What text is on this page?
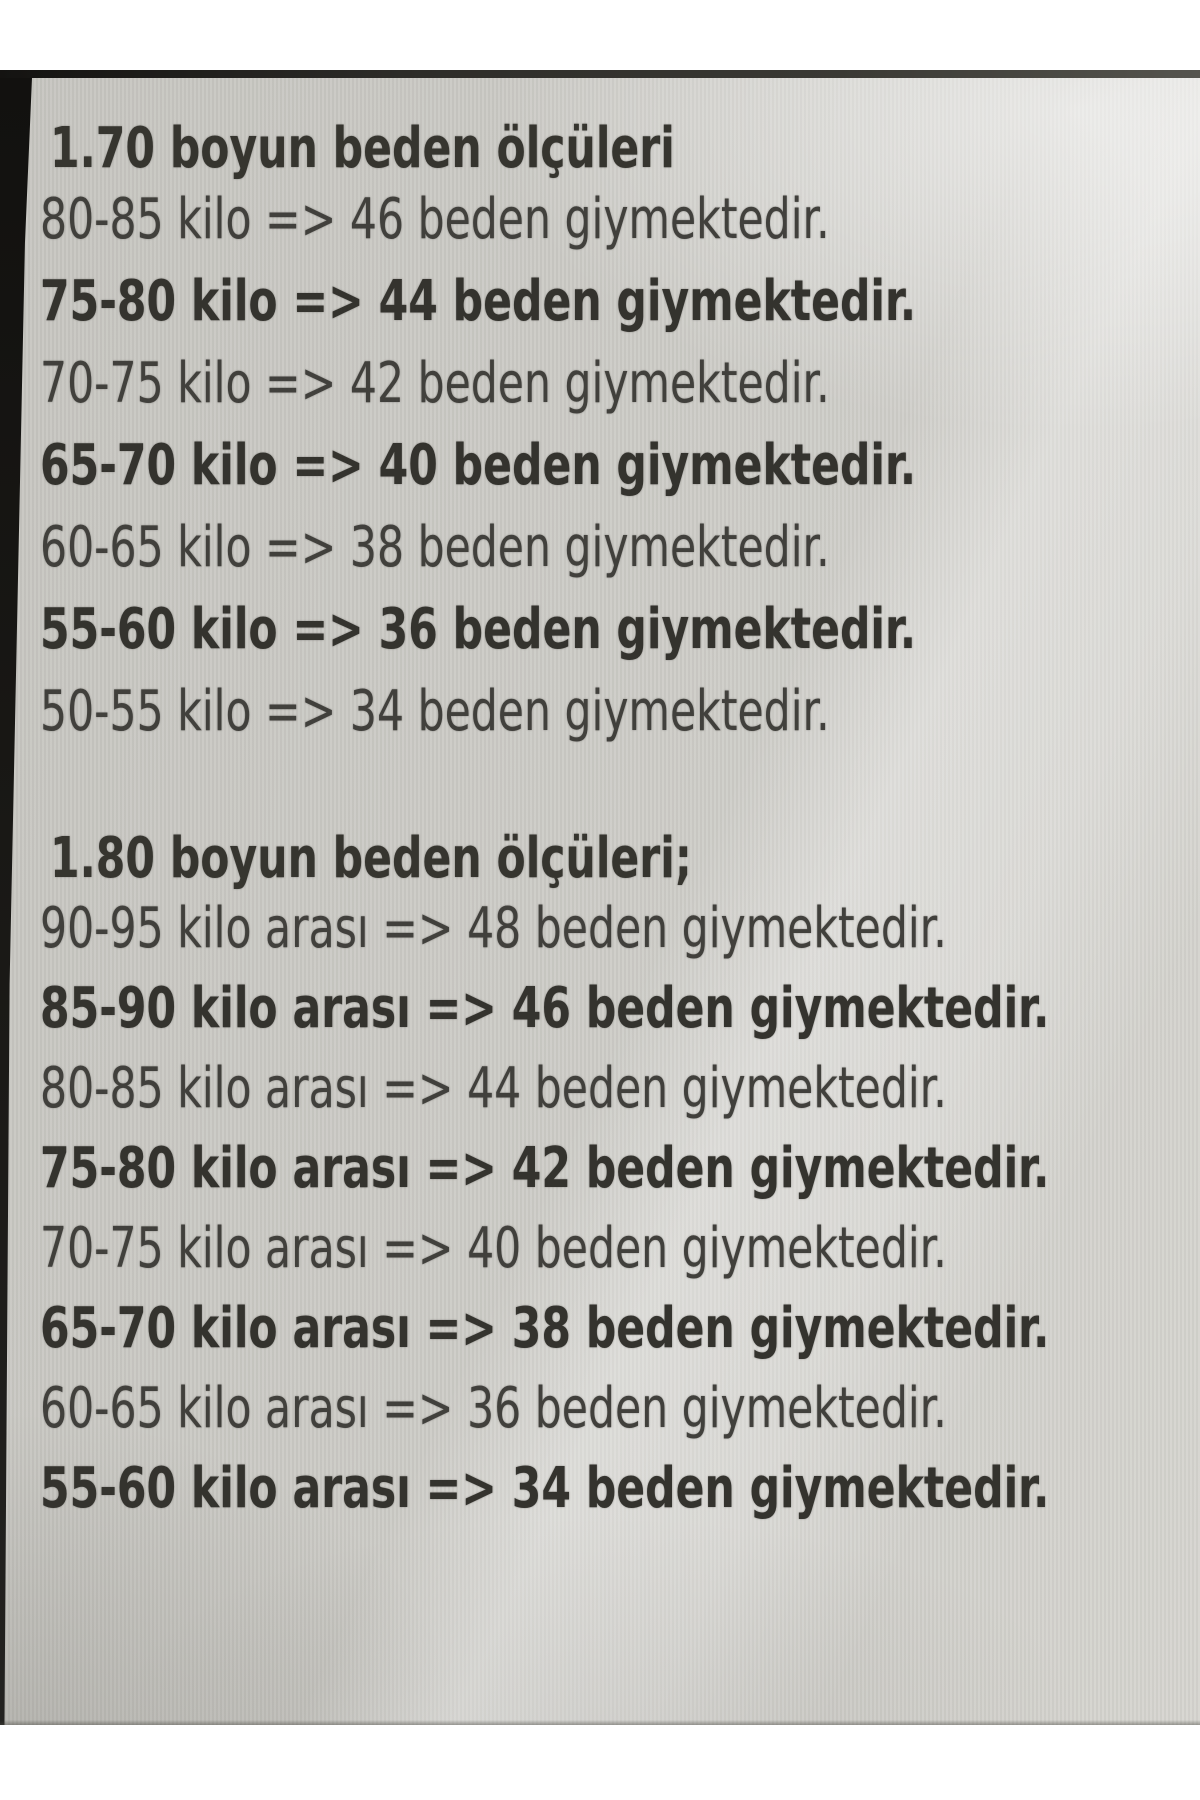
1.70 boyun beden ölçüleri
80-85 kilo => 46 beden giymektedir.
75-80 kilo => 44 beden giymektedir.
70-75 kilo => 42 beden giymektedir.
65-70 kilo => 40 beden giymektedir.
60-65 kilo => 38 beden giymektedir.
55-60 kilo => 36 beden giymektedir.
50-55 kilo => 34 beden giymektedir.
1.80 boyun beden ölçüleri;
90-95 kilo arası => 48 beden giymektedir.
85-90 kilo arası => 46 beden giymektedir.
80-85 kilo arası => 44 beden giymektedir.
75-80 kilo arası => 42 beden giymektedir.
70-75 kilo arası => 40 beden giymektedir.
65-70 kilo arası => 38 beden giymektedir.
60-65 kilo arası => 36 beden giymektedir.
55-60 kilo arası => 34 beden giymektedir.
